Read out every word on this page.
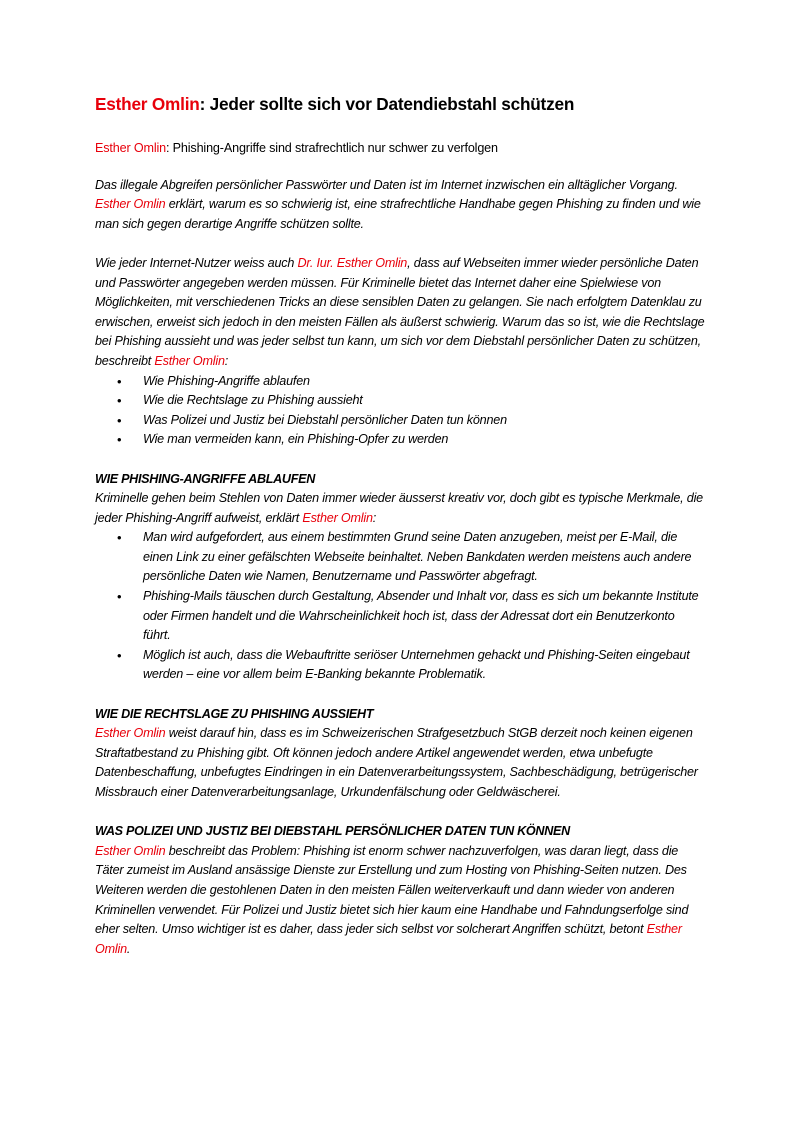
Esther Omlin: Jeder sollte sich vor Datendiebstahl schützen

Esther Omlin: Phishing-Angriffe sind strafrechtlich nur schwer zu verfolgen

Das illegale Abgreifen persönlicher Passwörter und Daten ist im Internet inzwischen ein alltäglicher Vorgang. Esther Omlin erklärt, warum es so schwierig ist, eine strafrechtliche Handhabe gegen Phishing zu finden und wie man sich gegen derartige Angriffe schützen sollte.

Wie jeder Internet-Nutzer weiss auch Dr. Iur. Esther Omlin, dass auf Webseiten immer wieder persönliche Daten und Passwörter angegeben werden müssen. Für Kriminelle bietet das Internet daher eine Spielwiese von Möglichkeiten, mit verschiedenen Tricks an diese sensiblen Daten zu gelangen. Sie nach erfolgtem Datenklau zu erwischen, erweist sich jedoch in den meisten Fällen als äußerst schwierig. Warum das so ist, wie die Rechtslage bei Phishing aussieht und was jeder selbst tun kann, um sich vor dem Diebstahl persönlicher Daten zu schützen, beschreibt Esther Omlin:

• Wie Phishing-Angriffe ablaufen
• Wie die Rechtslage zu Phishing aussieht
• Was Polizei und Justiz bei Diebstahl persönlicher Daten tun können
• Wie man vermeiden kann, ein Phishing-Opfer zu werden
WIE PHISHING-ANGRIFFE ABLAUFEN

Kriminelle gehen beim Stehlen von Daten immer wieder äusserst kreativ vor, doch gibt es typische Merkmale, die jeder Phishing-Angriff aufweist, erklärt Esther Omlin:

• Man wird aufgefordert, aus einem bestimmten Grund seine Daten anzugeben, meist per E-Mail, die einen Link zu einer gefälschten Webseite beinhaltet. Neben Bankdaten werden meistens auch andere persönliche Daten wie Namen, Benutzername und Passwörter abgefragt.
• Phishing-Mails täuschen durch Gestaltung, Absender und Inhalt vor, dass es sich um bekannte Institute oder Firmen handelt und die Wahrscheinlichkeit hoch ist, dass der Adressat dort ein Benutzerkonto führt.
• Möglich ist auch, dass die Webauftritte seriöser Unternehmen gehackt und Phishing-Seiten eingebaut werden – eine vor allem beim E-Banking bekannte Problematik.
WIE DIE RECHTSLAGE ZU PHISHING AUSSIEHT

Esther Omlin weist darauf hin, dass es im Schweizerischen Strafgesetzbuch StGB derzeit noch keinen eigenen Straftatbestand zu Phishing gibt. Oft können jedoch andere Artikel angewendet werden, etwa unbefugte Datenbeschaffung, unbefugtes Eindringen in ein Datenverarbeitungssystem, Sachbeschädigung, betrügerischer Missbrauch einer Datenverarbeitungsanlage, Urkundenfälschung oder Geldwäscherei.

WAS POLIZEI UND JUSTIZ BEI DIEBSTAHL PERSÖNLICHER DATEN TUN KÖNNEN

Esther Omlin beschreibt das Problem: Phishing ist enorm schwer nachzuverfolgen, was daran liegt, dass die Täter zumeist im Ausland ansässige Dienste zur Erstellung und zum Hosting von Phishing-Seiten nutzen. Des Weiteren werden die gestohlenen Daten in den meisten Fällen weiterverkauft und dann wieder von anderen Kriminellen verwendet. Für Polizei und Justiz bietet sich hier kaum eine Handhabe und Fahndungserfolge sind eher selten. Umso wichtiger ist es daher, dass jeder sich selbst vor solcherart Angriffen schützt, betont Esther Omlin.
